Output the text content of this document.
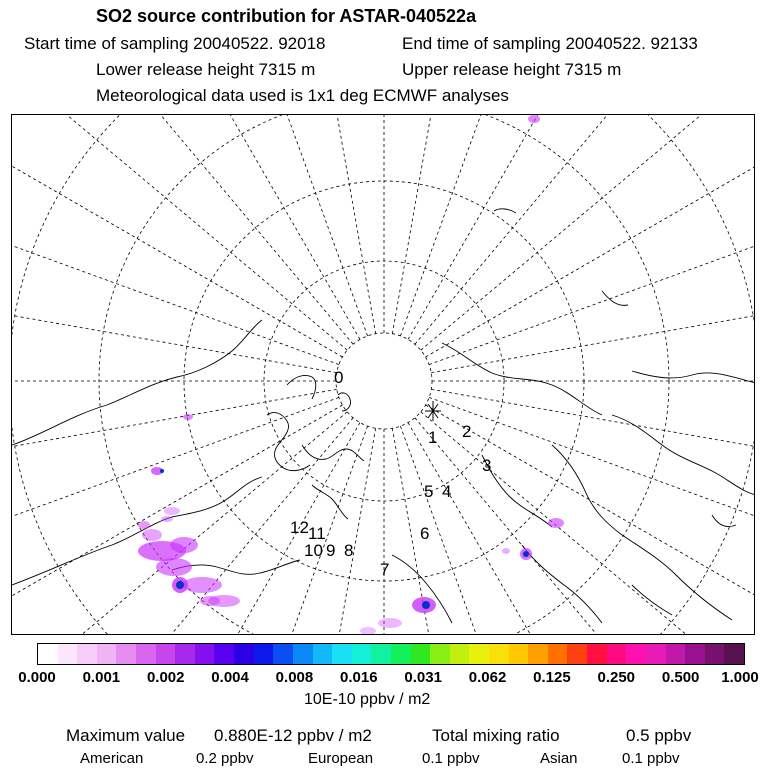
SO2 source contribution for ASTAR-040522a
Start time of sampling 20040522. 92018	End time of sampling 20040522. 92133
Lower release height 7315 m	Upper release height 7315 m
Meteorological data used is 1x1 deg ECMWF analyses
0
1 2
3
4
5
6
7
8
9
10
11
12
0.000 0.001 0.002 0.004 0.008 0.016 0.031 0.062 0.125 0.250 0.500 1.000
10E-10 ppbv / m2
Maximum value 0.880E-12 ppbv / m2	Total mixing ratio	0.5 ppbv
American	0.2 ppbv	European	0.1 ppbv	Asian	0.1 ppbv
